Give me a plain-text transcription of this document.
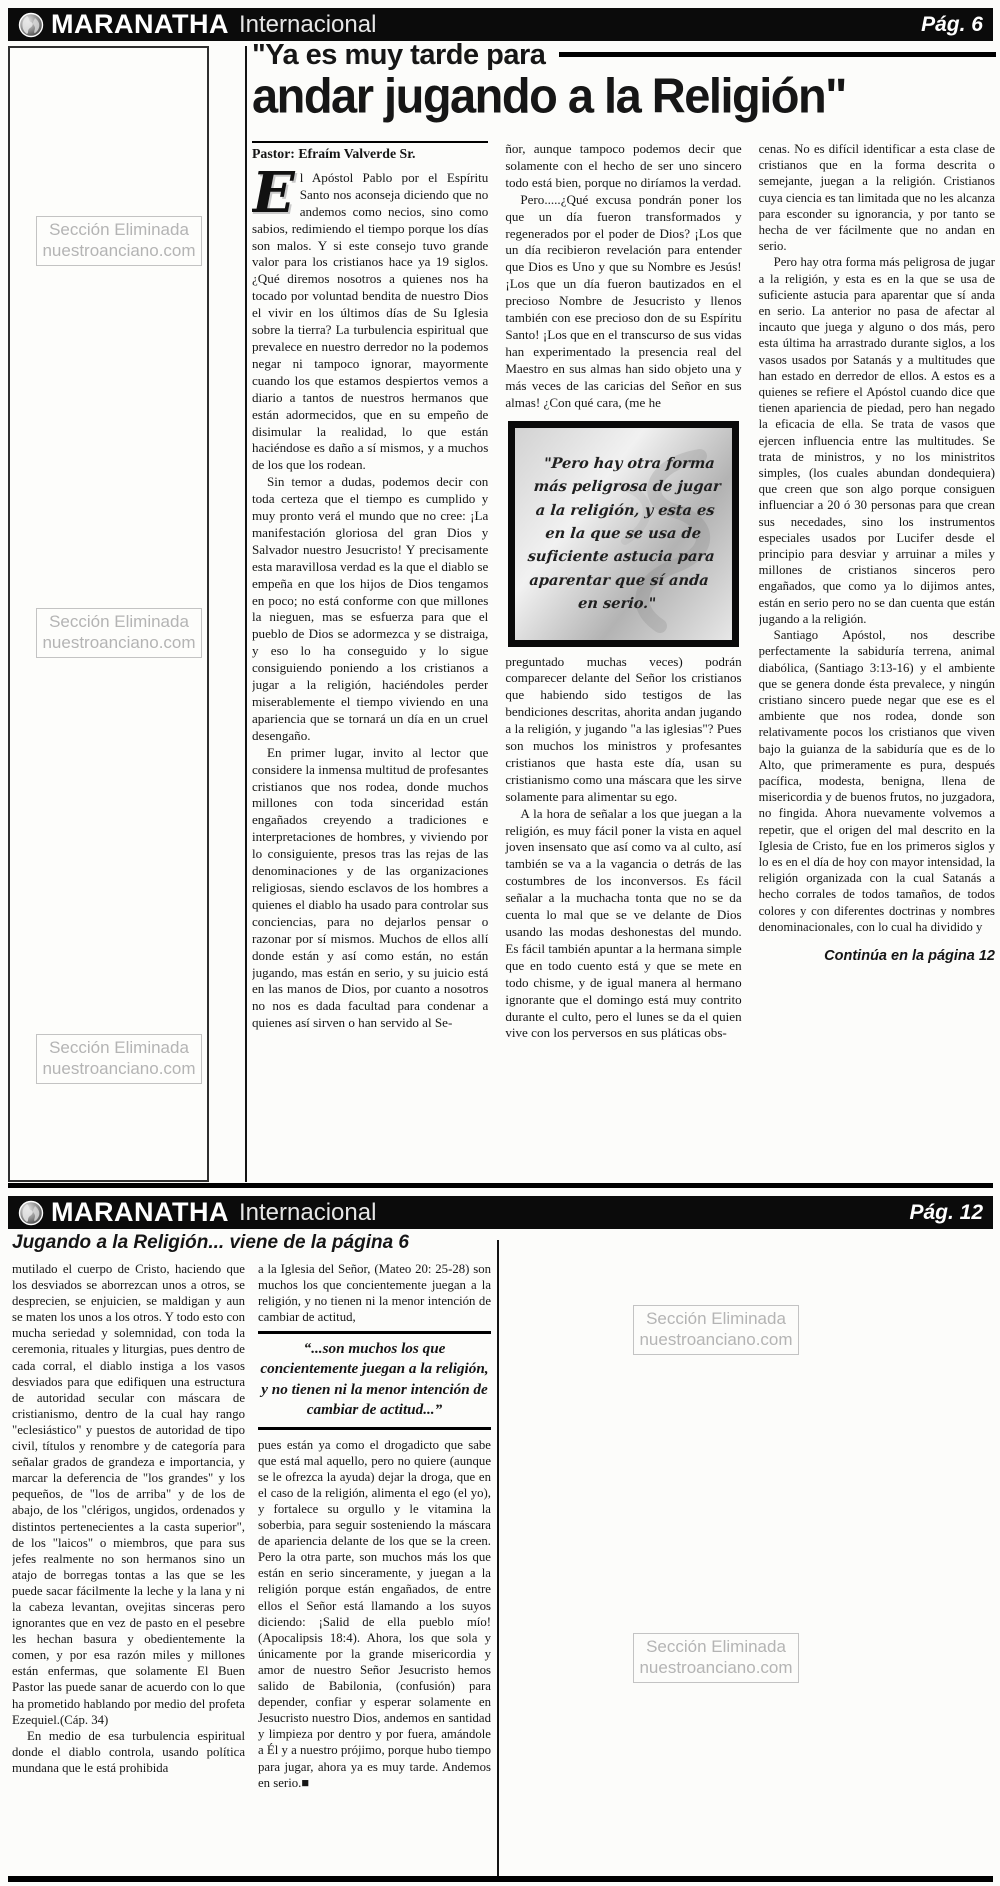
MARANATHA Internacional	Pág. 6
Sección Eliminada
nuestroanciano.com
Sección Eliminada
nuestroanciano.com
Sección Eliminada
nuestroanciano.com
"Ya es muy tarde para
andar jugando a la Religión"
Pastor: Efraím Valverde Sr.

El Apóstol Pablo por el Espíritu Santo nos aconseja diciendo que no andemos como necios, sino como sabios, redimiendo el tiempo porque los días son malos. Y si este consejo tuvo grande valor para los cristianos hace ya 19 siglos. ¿Qué diremos nosotros a quienes nos ha tocado por voluntad bendita de nuestro Dios el vivir en los últimos días de Su Iglesia sobre la tierra? La turbulencia espiritual que prevalece en nuestro derredor no la podemos negar ni tampoco ignorar, mayormente cuando los que estamos despiertos vemos a diario a tantos de nuestros hermanos que están adormecidos, que en su empeño de disimular la realidad, lo que están haciéndose es daño a sí mismos, y a muchos de los que los rodean.

Sin temor a dudas, podemos decir con toda certeza que el tiempo es cumplido y muy pronto verá el mundo que no cree: ¡La manifestación gloriosa del gran Dios y Salvador nuestro Jesucristo! Y precisamente esta maravillosa verdad es la que el diablo se empeña en que los hijos de Dios tengamos en poco; no está conforme con que millones la nieguen, mas se esfuerza para que el pueblo de Dios se adormezca y se distraiga, y eso lo ha conseguido y lo sigue consiguiendo poniendo a los cristianos a jugar a la religión, haciéndoles perder miserablemente el tiempo viviendo en una apariencia que se tornará un día en un cruel desengaño.

En primer lugar, invito al lector que considere la inmensa multitud de profesantes cristianos que nos rodea, donde muchos millones con toda sinceridad están engañados creyendo a tradiciones e interpretaciones de hombres, y viviendo por lo consiguiente, presos tras las rejas de las denominaciones y de las organizaciones religiosas, siendo esclavos de los hombres a quienes el diablo ha usado para controlar sus conciencias, para no dejarlos pensar o razonar por sí mismos. Muchos de ellos allí donde están y así como están, no están jugando, mas están en serio, y su juicio está en las manos de Dios, por cuanto a nosotros no nos es dada facultad para condenar a quienes así sirven o han servido al Se-

ñor, aunque tampoco podemos decir que solamente con el hecho de ser uno sincero todo está bien, porque no diríamos la verdad.

Pero.....¿Qué excusa pondrán poner los que un día fueron transformados y regenerados por el poder de Dios? ¡Los que un día recibieron revelación para entender que Dios es Uno y que su Nombre es Jesús! ¡Los que un día fueron bautizados en el precioso Nombre de Jesucristo y llenos también con ese precioso don de su Espíritu Santo! ¡Los que en el transcurso de sus vidas han experimentado la presencia real del Maestro en sus almas han sido objeto una y más veces de las caricias del Señor en sus almas! ¿Con qué cara, (me he

"Pero hay otra forma más peligrosa de jugar a la religión, y esta es en la que se usa de suficiente astucia para aparentar que sí anda en serio."

preguntado muchas veces) podrán comparecer delante del Señor los cristianos que habiendo sido testigos de las bendiciones descritas, ahorita andan jugando a la religión, y jugando "a las iglesias"? Pues son muchos los ministros y profesantes cristianos que hasta este día, usan su cristianismo como una máscara que les sirve solamente para alimentar su ego.

A la hora de señalar a los que juegan a la religión, es muy fácil poner la vista en aquel joven insensato que así como va al culto, así también se va a la vagancia o detrás de las costumbres de los inconversos. Es fácil señalar a la muchacha tonta que no se da cuenta lo mal que se ve delante de Dios usando las modas deshonestas del mundo. Es fácil también apuntar a la hermana simple que en todo cuento está y que se mete en todo chisme, y de igual manera al hermano ignorante que el domingo está muy contrito durante el culto, pero el lunes se da el quien vive con los perversos en sus pláticas obs-

cenas. No es difícil identificar a esta clase de cristianos que en la forma descrita o semejante, juegan a la religión. Cristianos cuya ciencia es tan limitada que no les alcanza para esconder su ignorancia, y por tanto se hecha de ver fácilmente que no andan en serio.

Pero hay otra forma más peligrosa de jugar a la religión, y esta es en la que se usa de suficiente astucia para aparentar que sí anda en serio. La anterior no pasa de afectar al incauto que juega y alguno o dos más, pero esta última ha arrastrado durante siglos, a los vasos usados por Satanás y a multitudes que han estado en derredor de ellos. A estos es a quienes se refiere el Apóstol cuando dice que tienen apariencia de piedad, pero han negado la eficacia de ella. Se trata de vasos que ejercen influencia entre las multitudes. Se trata de ministros, y no los ministritos simples, (los cuales abundan dondequiera) que creen que son algo porque consiguen influenciar a 20 ó 30 personas para que crean sus necedades, sino los instrumentos especiales usados por Lucifer desde el principio para desviar y arruinar a miles y millones de cristianos sinceros pero engañados, que como ya lo dijimos antes, están en serio pero no se dan cuenta que están jugando a la religión.

Santiago Apóstol, nos describe perfectamente la sabiduría terrena, animal diabólica, (Santiago 3:13-16) y el ambiente que se genera donde ésta prevalece, y ningún cristiano sincero puede negar que ese es el ambiente que nos rodea, donde son relativamente pocos los cristianos que viven bajo la guianza de la sabiduría que es de lo Alto, que primeramente es pura, después pacífica, modesta, benigna, llena de misericordia y de buenos frutos, no juzgadora, no fingida. Ahora nuevamente volvemos a repetir, que el origen del mal descrito en la Iglesia de Cristo, fue en los primeros siglos y lo es en el día de hoy con mayor intensidad, la religión organizada con la cual Satanás a hecho corrales de todos tamaños, de todos colores y con diferentes doctrinas y nombres denominacionales, con lo cual ha dividido y

Continúa en la página 12
MARANATHA Internacional	Pág. 12
Jugando a la Religión... viene de la página 6

mutilado el cuerpo de Cristo, haciendo que los desviados se aborrezcan unos a otros, se desprecien, se enjuicien, se maldigan y aun se maten los unos a los otros. Y todo esto con mucha seriedad y solemnidad, con toda la ceremonia, rituales y liturgias, pues dentro de cada corral, el diablo instiga a los vasos desviados para que edifiquen una estructura de autoridad secular con máscara de cristianismo, dentro de la cual hay rango "eclesiástico" y puestos de autoridad de tipo civil, títulos y renombre y de categoría para señalar grados de grandeza e importancia, y marcar la deferencia de "los grandes" y los pequeños, de "los de arriba" y de los de abajo, de los "clérigos, ungidos, ordenados y distintos pertenecientes a la casta superior", de los "laicos" o miembros, que para sus jefes realmente no son hermanos sino un atajo de borregas tontas a las que se les puede sacar fácilmente la leche y la lana y ni la cabeza levantan, ovejitas sinceras pero ignorantes que en vez de pasto en el pesebre les hechan basura y obedientemente la comen, y por esa razón miles y millones están enfermas, que solamente El Buen Pastor las puede sanar de acuerdo con lo que ha prometido hablando por medio del profeta Ezequiel.(Cáp. 34)

En medio de esa turbulencia espiritual donde el diablo controla, usando política mundana que le está prohibida

a la Iglesia del Señor, (Mateo 20: 25-28) son muchos los que concientemente juegan a la religión, y no tienen ni la menor intención de cambiar de actitud,

“...son muchos los que concientemente juegan a la religión, y no tienen ni la menor intención de cambiar de actitud...”

pues están ya como el drogadicto que sabe que está mal aquello, pero no quiere (aunque se le ofrezca la ayuda) dejar la droga, que en el caso de la religión, alimenta el ego (el yo), y fortalece su orgullo y le vitamina la soberbia, para seguir sosteniendo la máscara de apariencia delante de los que se la creen. Pero la otra parte, son muchos más los que están en serio sinceramente, y juegan a la religión porque están engañados, de entre ellos el Señor está llamando a los suyos diciendo: ¡Salid de ella pueblo mío! (Apocalipsis 18:4). Ahora, los que sola y únicamente por la grande misericordia y amor de nuestro Señor Jesucristo hemos salido de Babilonia, (confusión) para depender, confiar y esperar solamente en Jesucristo nuestro Dios, andemos en santidad y limpieza por dentro y por fuera, amándole a Él y a nuestro prójimo, porque hubo tiempo para jugar, ahora ya es muy tarde. Andemos en serio.■

Sección Eliminada
nuestroanciano.com
Sección Eliminada
nuestroanciano.com
